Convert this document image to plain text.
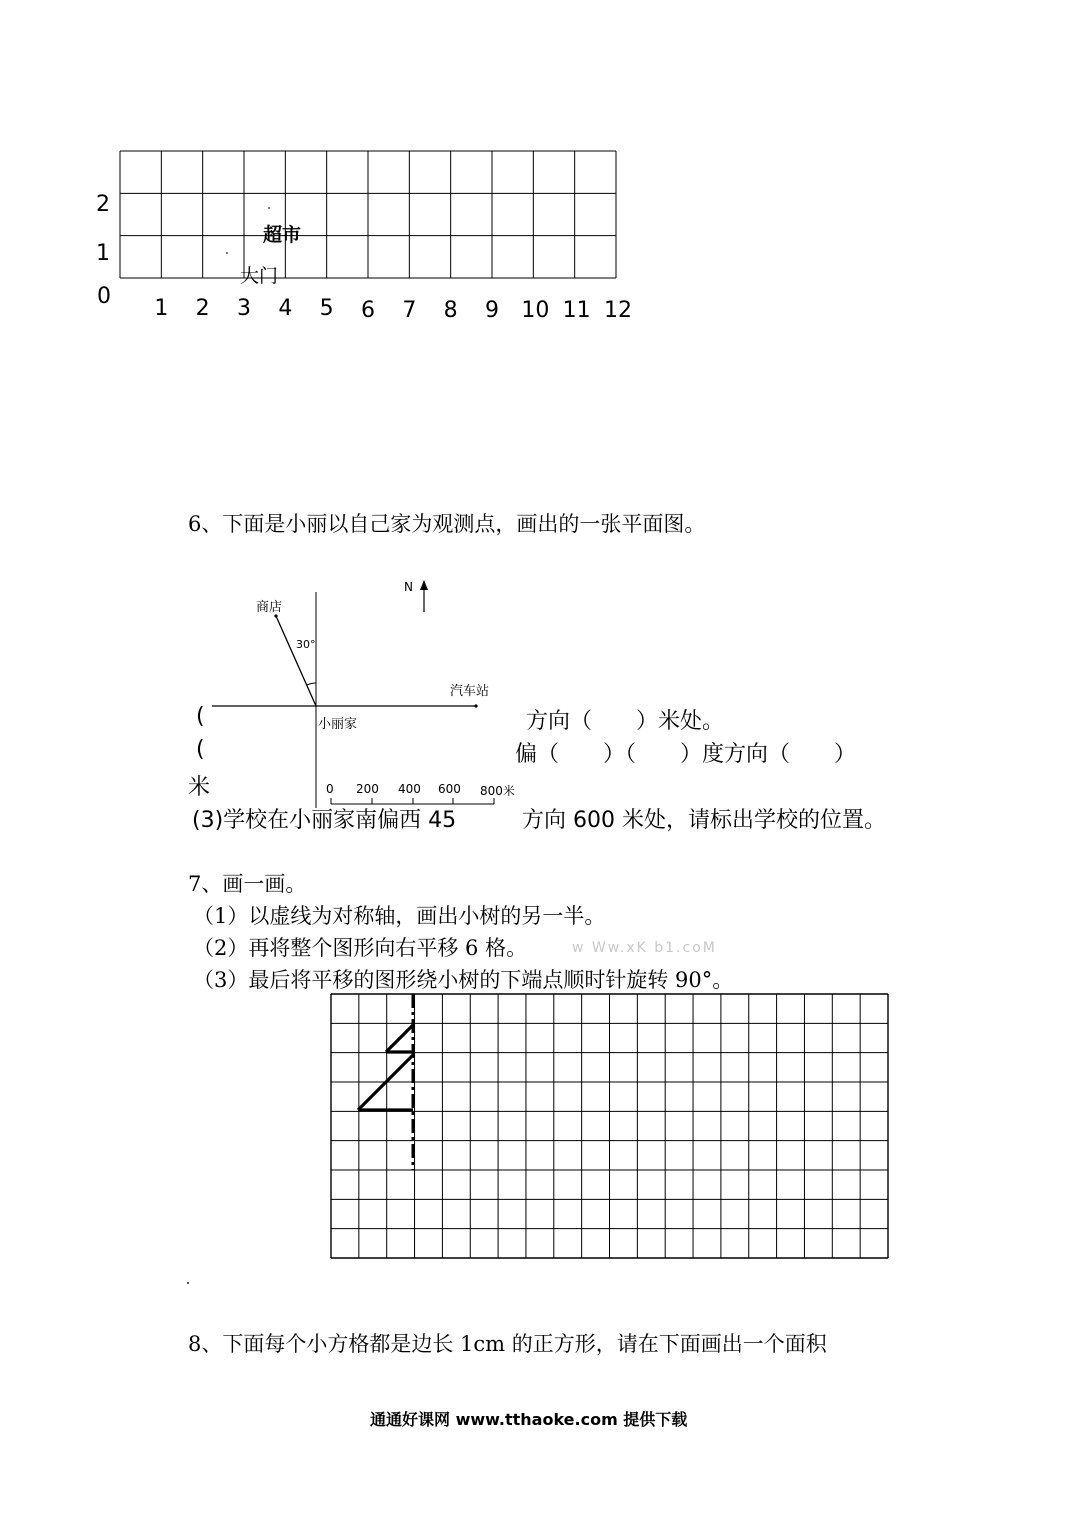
2
1
0 1 2 3 4 5 6 7 8 9 10 11 12
超市
大门
6、下面是小丽以自己家为观测点，画出的一张平面图。
N
商店
30°
汽车站
小丽家
0 200 400 600 800米
(	方向（　　）米处。
(	偏（　　）（　　）度方向（　　）
米
(3)学校在小丽家南偏西 45	方向 600 米处，请标出学校的位置。
7、画一画。
（1）以虚线为对称轴，画出小树的另一半。
（2）再将整个图形向右平移 6 格。	w Ww.xK b1.coM
（3）最后将平移的图形绕小树的下端点顺时针旋转 90°。
8、下面每个小方格都是边长 1cm 的正方形，请在下面画出一个面积
通通好课网 www.tthaoke.com 提供下载
